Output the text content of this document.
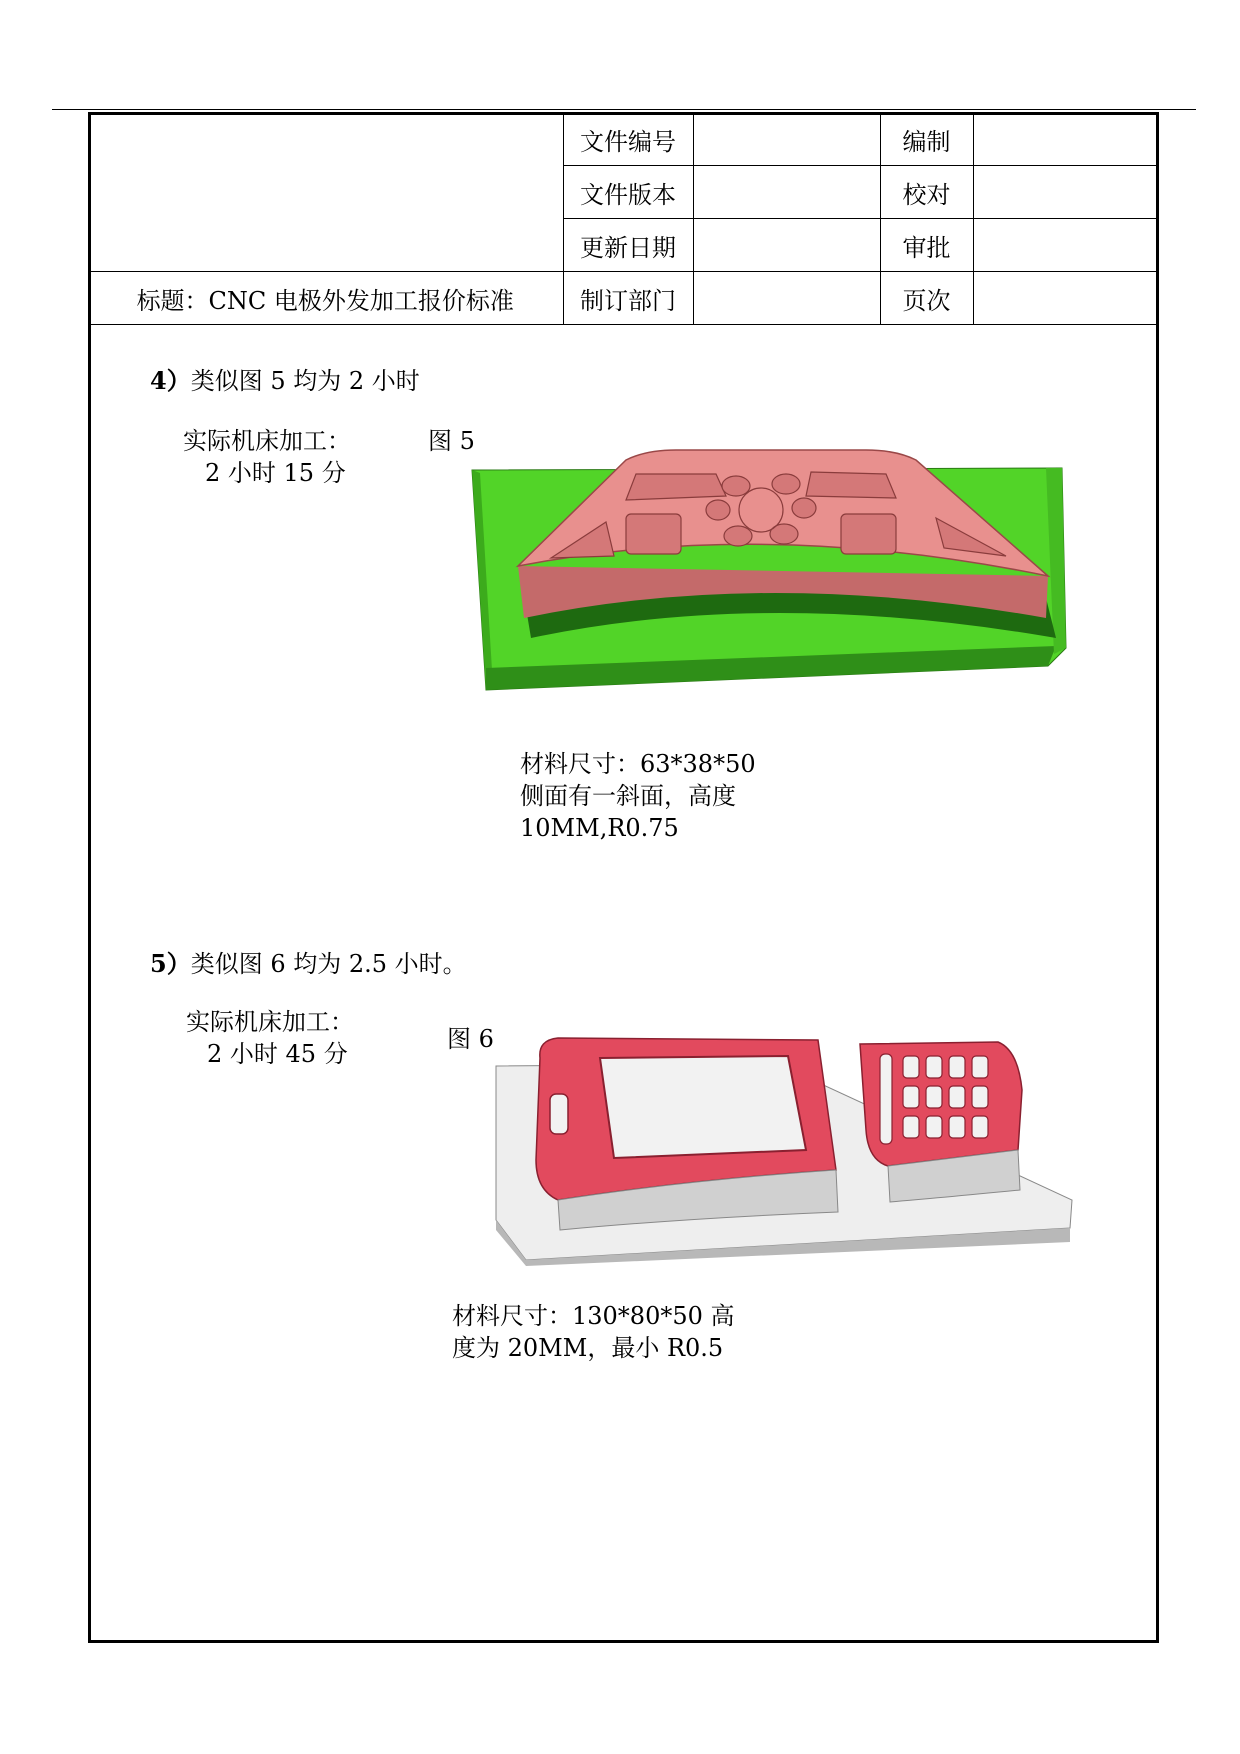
	文件编号		编制	
	文件版本		校对	
	更新日期		审批	
标题：CNC 电极外发加工报价标准	制订部门		页次	
4）类似图 5 均为 2 小时
实际机床加工：
2 小时 15 分
图 5
材料尺寸：63*38*50
侧面有一斜面，高度
10MM,R0.75
5）类似图 6 均为 2.5 小时。
实际机床加工：
2 小时 45 分
图 6
材料尺寸：130*80*50 高
度为 20MM，最小 R0.5
